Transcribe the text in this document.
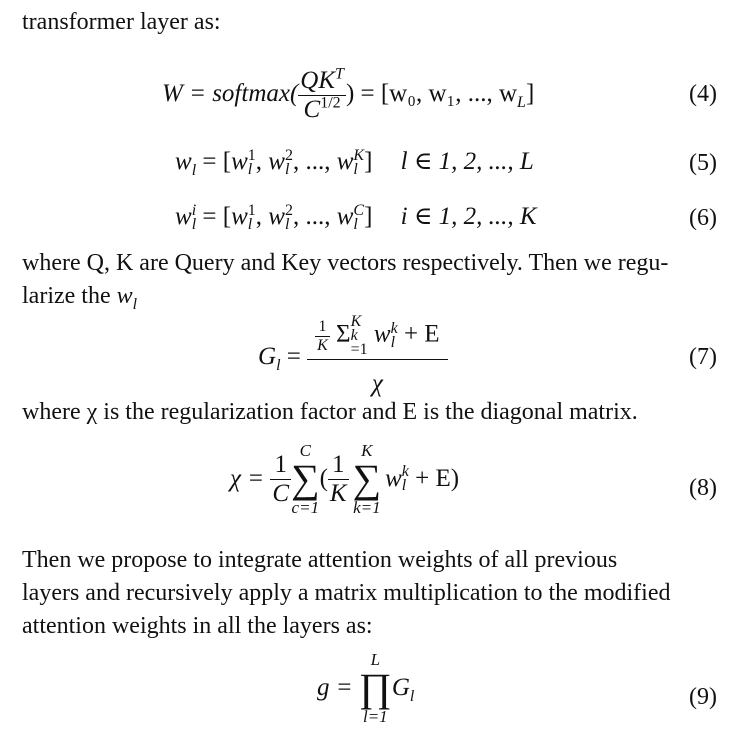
transformer layer as:

W = softmax( $\frac{QK^T}{C^{1/2}}$ ) = [w₀, w₁, ..., $w_L$]	(4)
$w_l = [w$ 1
l , w 2
l , ..., w K
l ] l ∈ 1, 2, ..., L	(5)
w i
l = [w 1
l , w 2
l , ..., w C
l ] i ∈ 1, 2, ..., K	(6)

where Q, K are Query and Key vectors respectively. Then we regu-

larize the $w_l$

$G_l = \frac{1}{K}$ Σ K
k
=1
w k
l + E
χ	(7)

where χ is the regularization factor and E is the diagonal matrix.

$\chi = \frac{1}{C}$ C
∑
c=1
( $\frac{1}{K}$ K
∑
k=1
w k
l + E)	(8)

Then we propose to integrate attention weights of all previous

layers and recursively apply a matrix multiplication to the modified

attention weights in all the layers as:

g =
L
∏
l=1
$G_l$	(9)
